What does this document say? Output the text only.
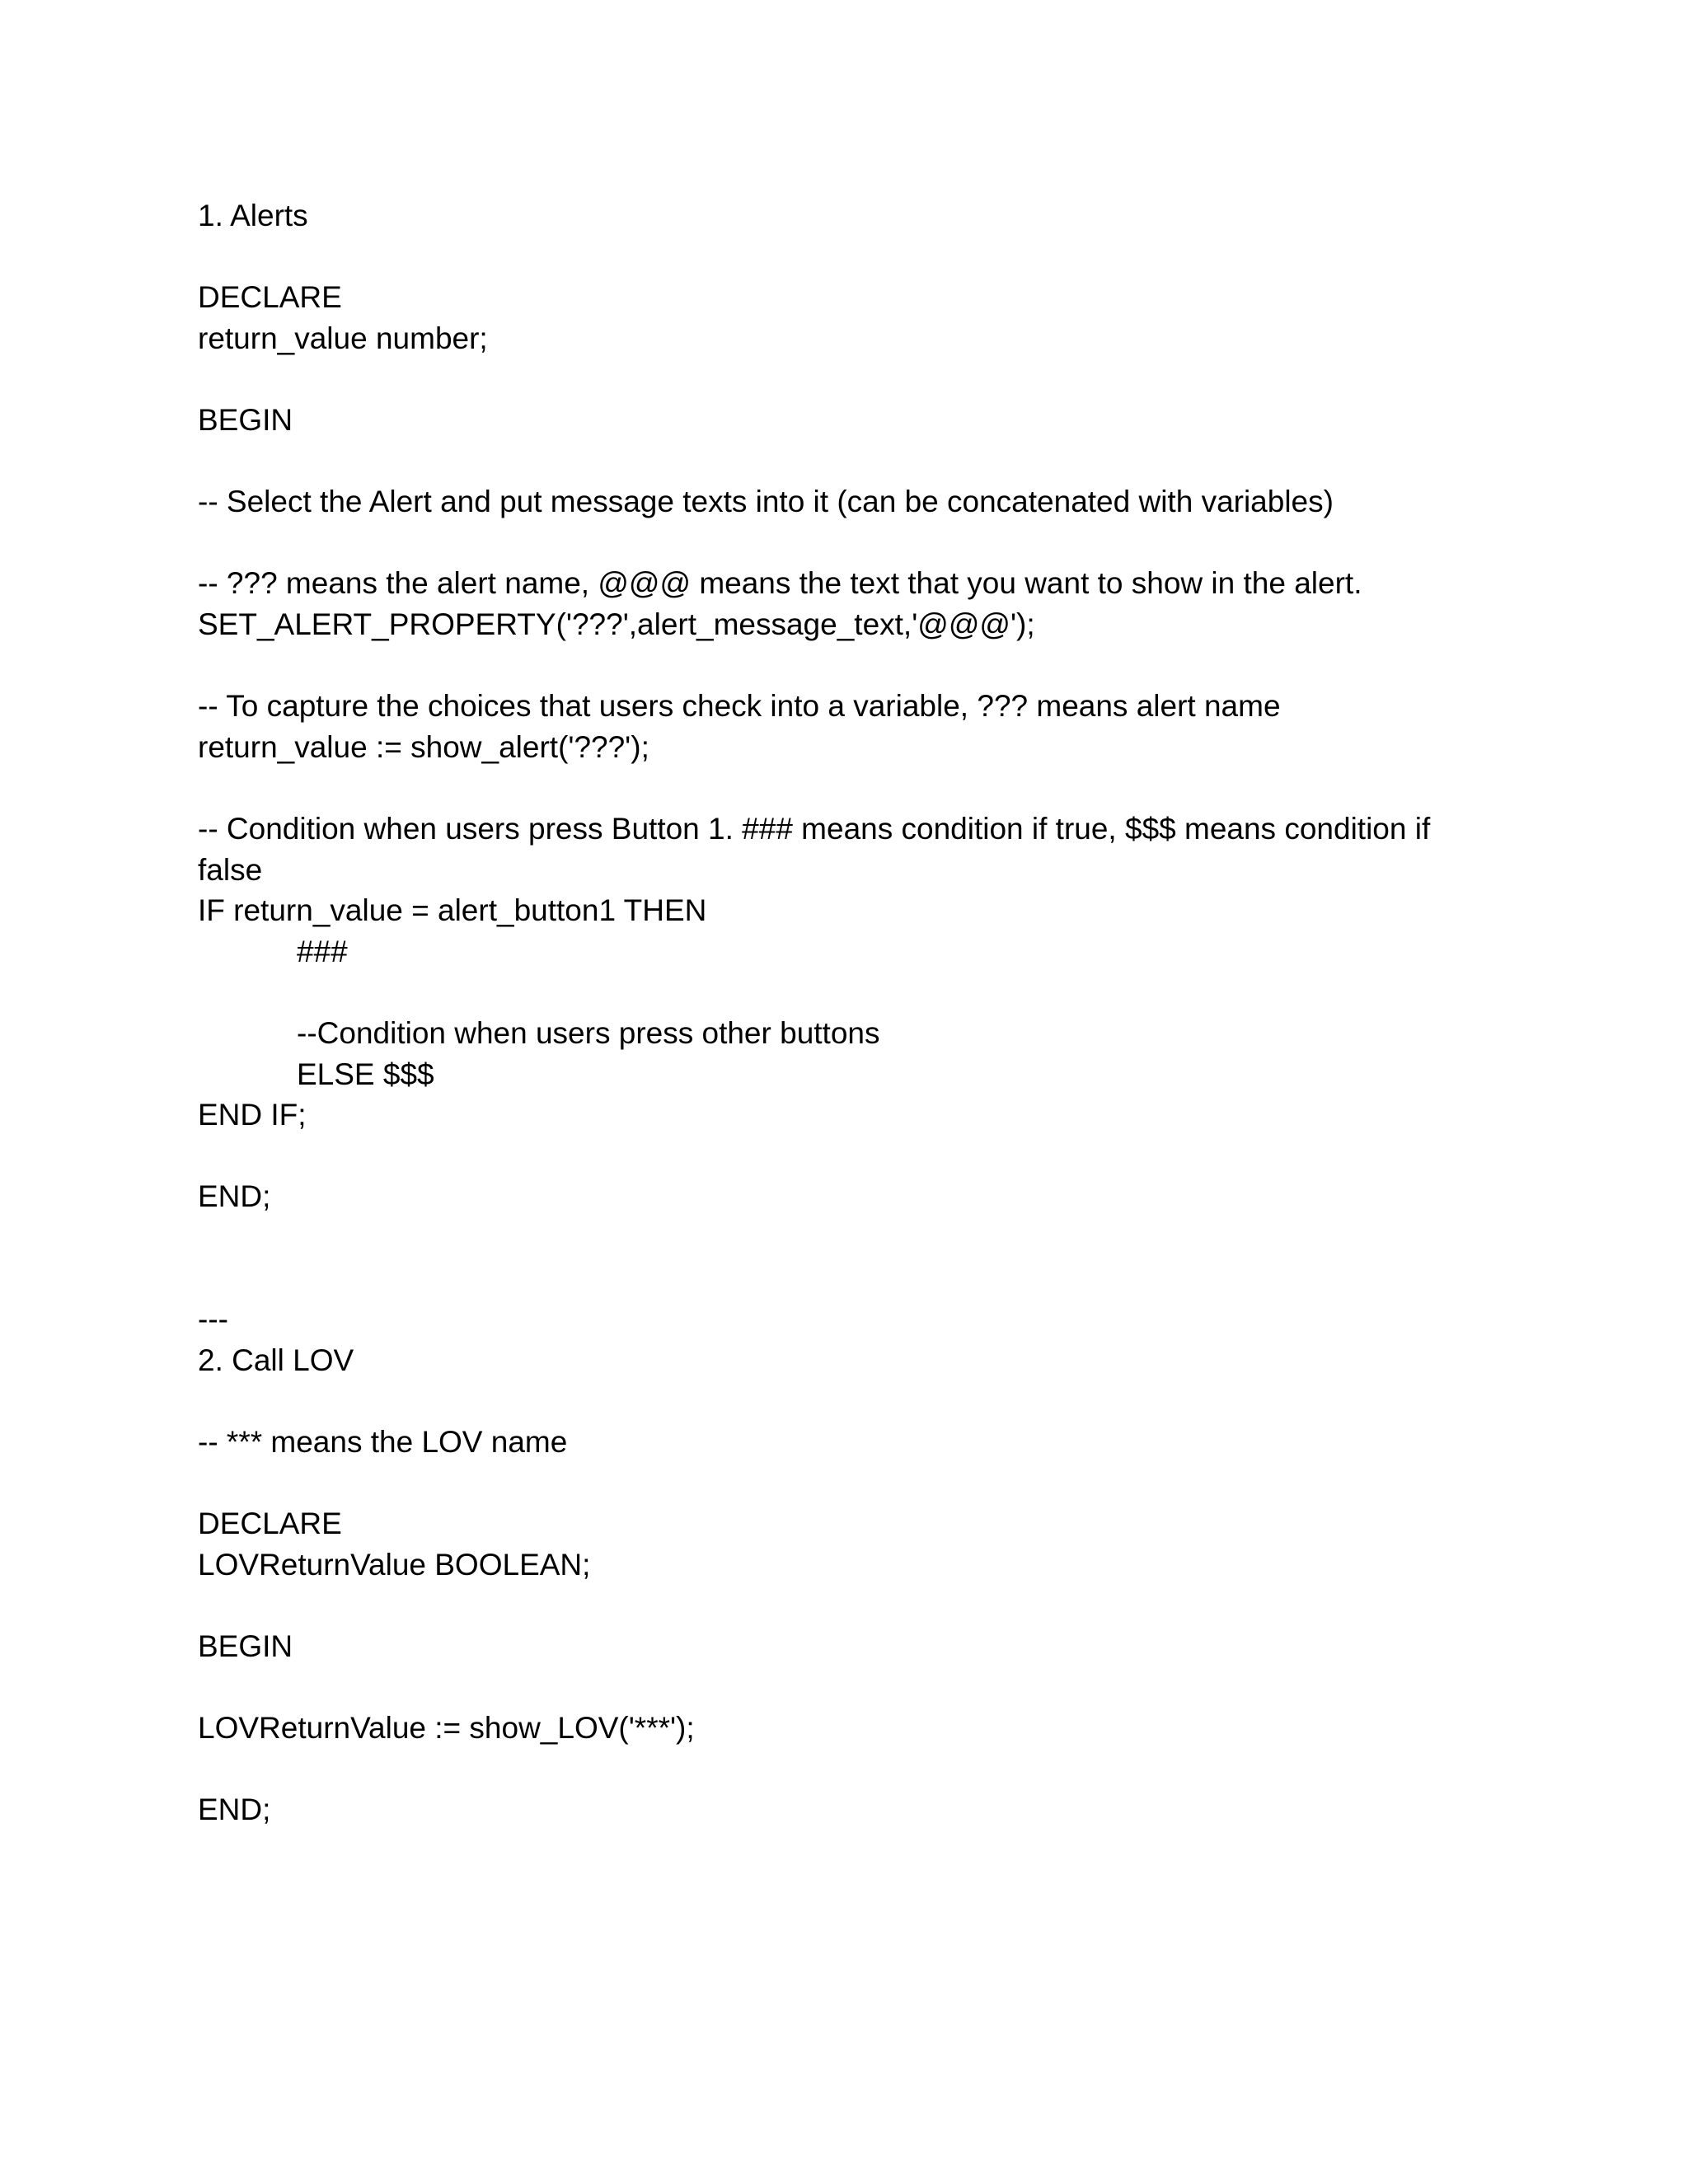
1. Alerts
DECLARE
return_value number;
BEGIN
-- Select the Alert and put message texts into it (can be concatenated with variables)
-- ??? means the alert name, @@@ means the text that you want to show in the alert.
SET_ALERT_PROPERTY('???',alert_message_text,'@@@');
-- To capture the choices that users check into a variable, ??? means alert name
return_value := show_alert('???');
-- Condition when users press Button 1. ### means condition if true, $$$ means condition if
false
IF return_value = alert_button1 THEN
###
--Condition when users press other buttons
ELSE $$$
END IF;
END;
---
2. Call LOV
-- *** means the LOV name
DECLARE
LOVReturnValue BOOLEAN;
BEGIN
LOVReturnValue := show_LOV('***');
END;
